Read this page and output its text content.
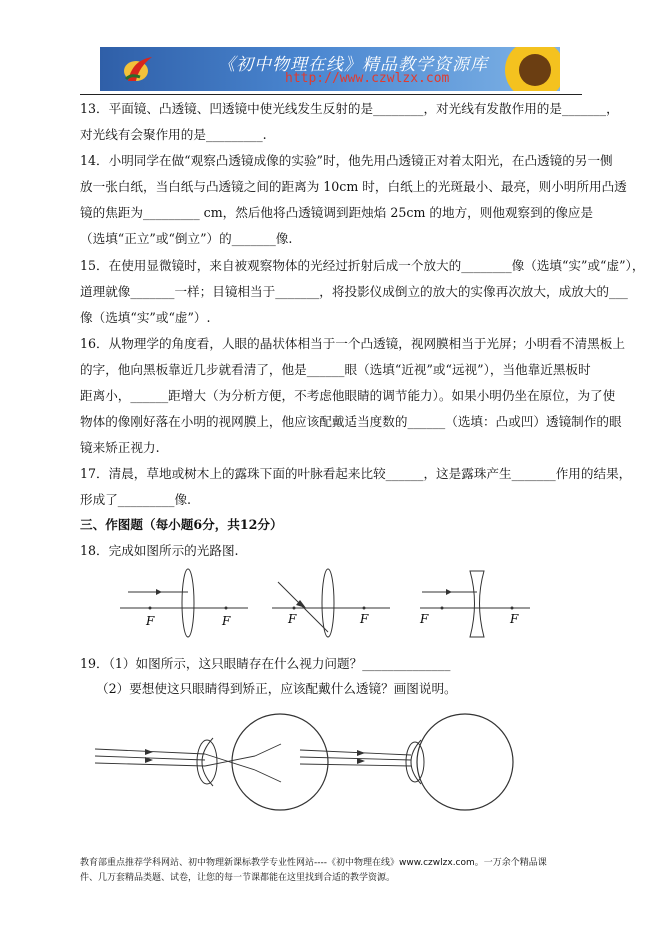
《初中物理在线》精品教学资源库
http://www.czwlzx.com
13．平面镜、凸透镜、凹透镜中使光线发生反射的是________，对光线有发散作用的是_______，
对光线有会聚作用的是_________.
14．小明同学在做“观察凸透镜成像的实验”时，他先用凸透镜正对着太阳光，在凸透镜的另一侧
放一张白纸，当白纸与凸透镜之间的距离为 10cm 时，白纸上的光斑最小、最亮，则小明所用凸透
镜的焦距为_________ cm，然后他将凸透镜调到距烛焰 25cm 的地方，则他观察到的像应是
（选填“正立”或“倒立”）的_______像.
15．在使用显微镜时，来自被观察物体的光经过折射后成一个放大的________像（选填“实”或“虚”），
道理就像_______一样；目镜相当于_______，将投影仪成倒立的放大的实像再次放大，成放大的___
像（选填“实”或“虚”）.
16．从物理学的角度看，人眼的晶状体相当于一个凸透镜，视网膜相当于光屏；小明看不清黑板上
的字，他向黑板靠近几步就看清了，他是______眼（选填“近视”或“远视”），当他靠近黑板时
距离小，______距增大（为分析方便，不考虑他眼睛的调节能力）。如果小明仍坐在原位，为了使
物体的像刚好落在小明的视网膜上，他应该配戴适当度数的______（选填：凸或凹）透镜制作的眼
镜来矫正视力.
17．清晨，草地或树木上的露珠下面的叶脉看起来比较______，这是露珠产生_______作用的结果，
形成了_________像.
三、作图题（每小题6分，共12分）
18．完成如图所示的光路图.
F	F	F	F	F	F
19．（1）如图所示，这只眼睛存在什么视力问题？______________
（2）要想使这只眼睛得到矫正，应该配戴什么透镜？画图说明。
教育部重点推荐学科网站、初中物理新课标教学专业性网站----《初中物理在线》www.czwlzx.com。一万余个精品课
件、几万套精品类题、试卷，让您的每一节课都能在这里找到合适的教学资源。
